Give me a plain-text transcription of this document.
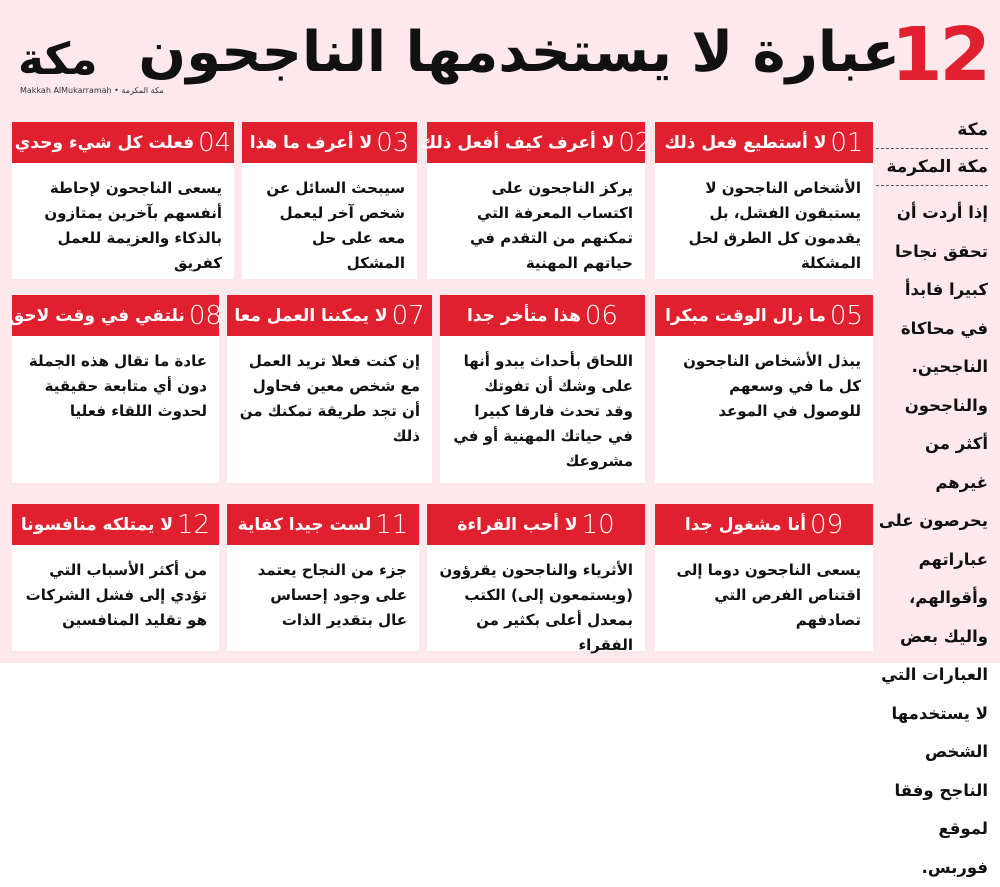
12
عبارة لا يستخدمها الناجحون
مكة
Makkah AlMukarramah • مكة المكرمة
مكة
مكة المكرمة
إذا أردت أن تحقق نجاحا كبيرا فابدأ في محاكاة الناجحين. والناجحون أكثر من غيرهم يحرصون على عباراتهم وأقوالهم، واليك بعض العبارات التي لا يستخدمها الشخص الناجح وفقا لموقع فوربس.
01
لا أستطيع فعل ذلك
الأشخاص الناجحون لا يستبقون الفشل، بل يقدمون كل الطرق لحل المشكلة
02
لا أعرف كيف أفعل ذلك
يركز الناجحون على اكتساب المعرفة التي تمكنهم من التقدم في حياتهم المهنية
03
لا أعرف ما هذا
سيبحث السائل عن شخص آخر ليعمل معه على حل المشكل
04
فعلت كل شيء وحدي
يسعى الناجحون لإحاطة أنفسهم بآخرين يمتازون بالذكاء والعزيمة للعمل كفريق
05
ما زال الوقت مبكرا
يبذل الأشخاص الناجحون كل ما في وسعهم للوصول في الموعد
06
هذا متأخر جدا
اللحاق بأحداث يبدو أنها على وشك أن تفوتك وقد تحدث فارقا كبيرا في حياتك المهنية أو في مشروعك
07
لا يمكننا العمل معا
إن كنت فعلا تريد العمل مع شخص معين فحاول أن تجد طريقة تمكنك من ذلك
08
نلتقي في وقت لاحق
عادة ما تقال هذه الجملة دون أي متابعة حقيقية لحدوث اللقاء فعليا
09
أنا مشغول جدا
يسعى الناجحون دوما إلى اقتناص الفرص التي تصادفهم
10
لا أحب القراءة
الأثرياء والناجحون يقرؤون (ويستمعون إلى) الكتب بمعدل أعلى بكثير من الفقراء
11
لست جيدا كفاية
جزء من النجاح يعتمد على وجود إحساس عال بتقدير الذات
12
لا يمتلكه منافسونا
من أكثر الأسباب التي تؤدي إلى فشل الشركات هو تقليد المنافسين
